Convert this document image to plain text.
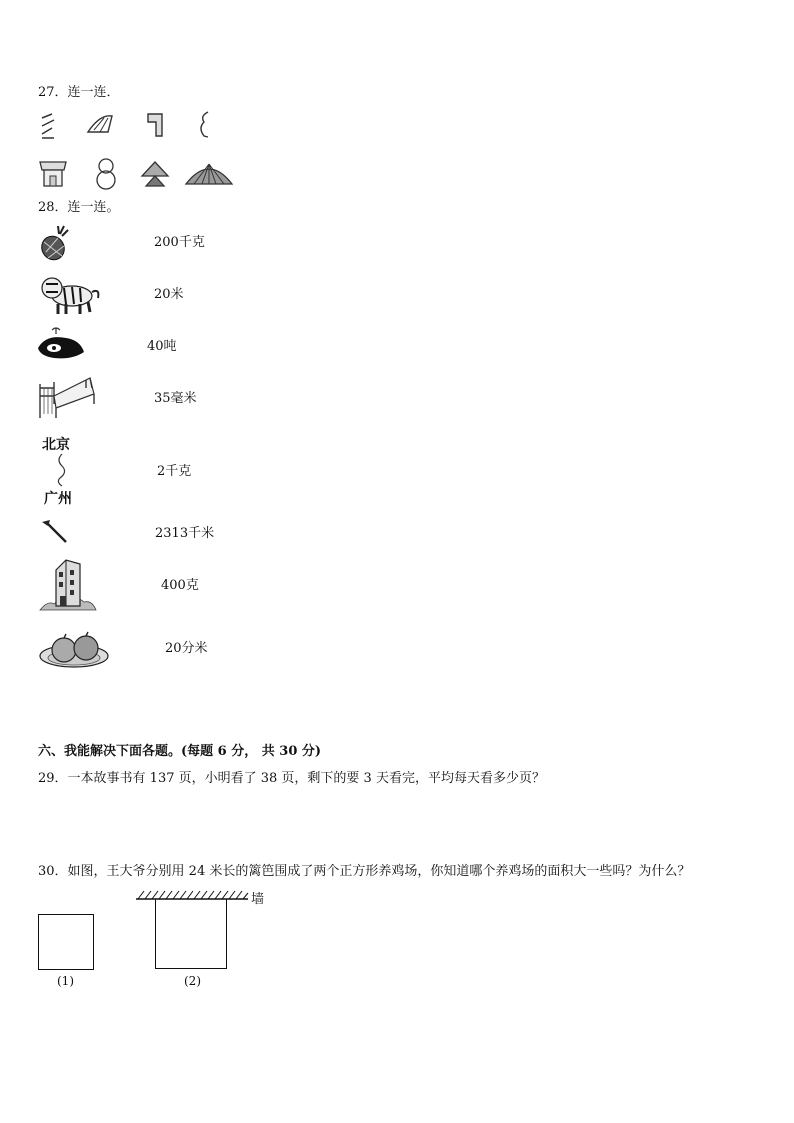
27．连一连．
28．连一连。
200千克
20米
40吨
35毫米
北京
广州
2千克
2313千米
400克
20分米
六、我能解决下面各题。(每题 6 分， 共 30 分)
29．一本故事书有 137 页，小明看了 38 页，剩下的要 3 天看完，平均每天看多少页？
30．如图，王大爷分别用 24 米长的篱笆围成了两个正方形养鸡场，你知道哪个养鸡场的面积大一些吗？为什么？
(1)
墙
(2)
